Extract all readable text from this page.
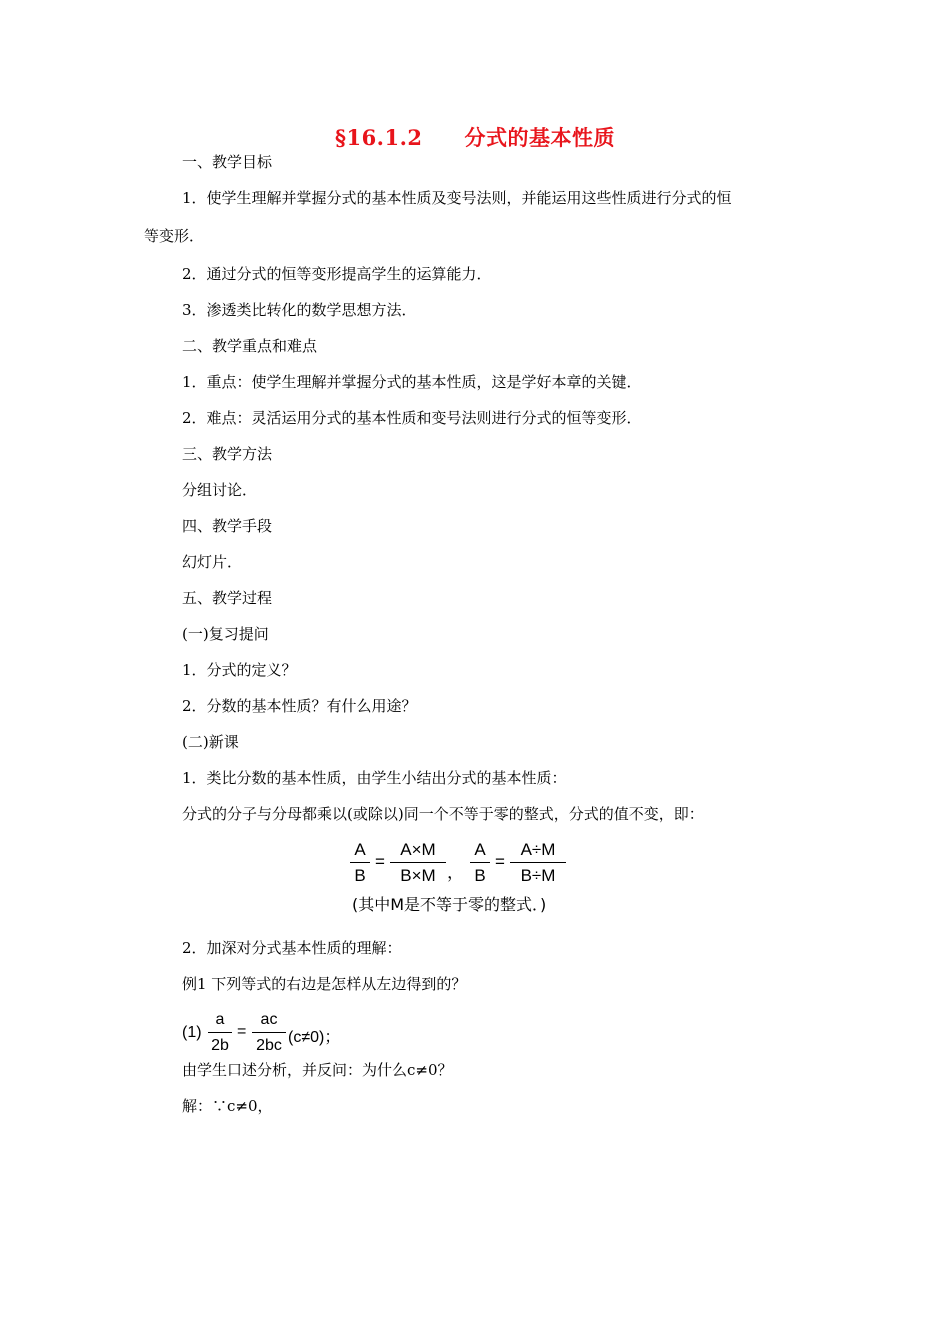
§16.1.2 分式的基本性质
一、教学目标
1．使学生理解并掌握分式的基本性质及变号法则，并能运用这些性质进行分式的恒
等变形．
2．通过分式的恒等变形提高学生的运算能力．
3．渗透类比转化的数学思想方法．
二、教学重点和难点
1．重点：使学生理解并掌握分式的基本性质，这是学好本章的关键．
2．难点：灵活运用分式的基本性质和变号法则进行分式的恒等变形．
三、教学方法
分组讨论．
四、教学手段
幻灯片．
五、教学过程
(一)复习提问
1．分式的定义？
2．分数的基本性质？有什么用途？
(二)新课
1．类比分数的基本性质，由学生小结出分式的基本性质：
分式的分子与分母都乘以(或除以)同一个不等于零的整式，分式的值不变，即：
A
B
=
A×M
B×M ，
A
B
=
A÷M
B÷M
(其中M是不等于零的整式．)
2．加深对分式基本性质的理解：
例1 下列等式的右边是怎样从左边得到的？
(1)
a
2b
=
ac
2bc (c≠0)；
由学生口述分析，并反问：为什么c≠0？
解：∵c≠0，
